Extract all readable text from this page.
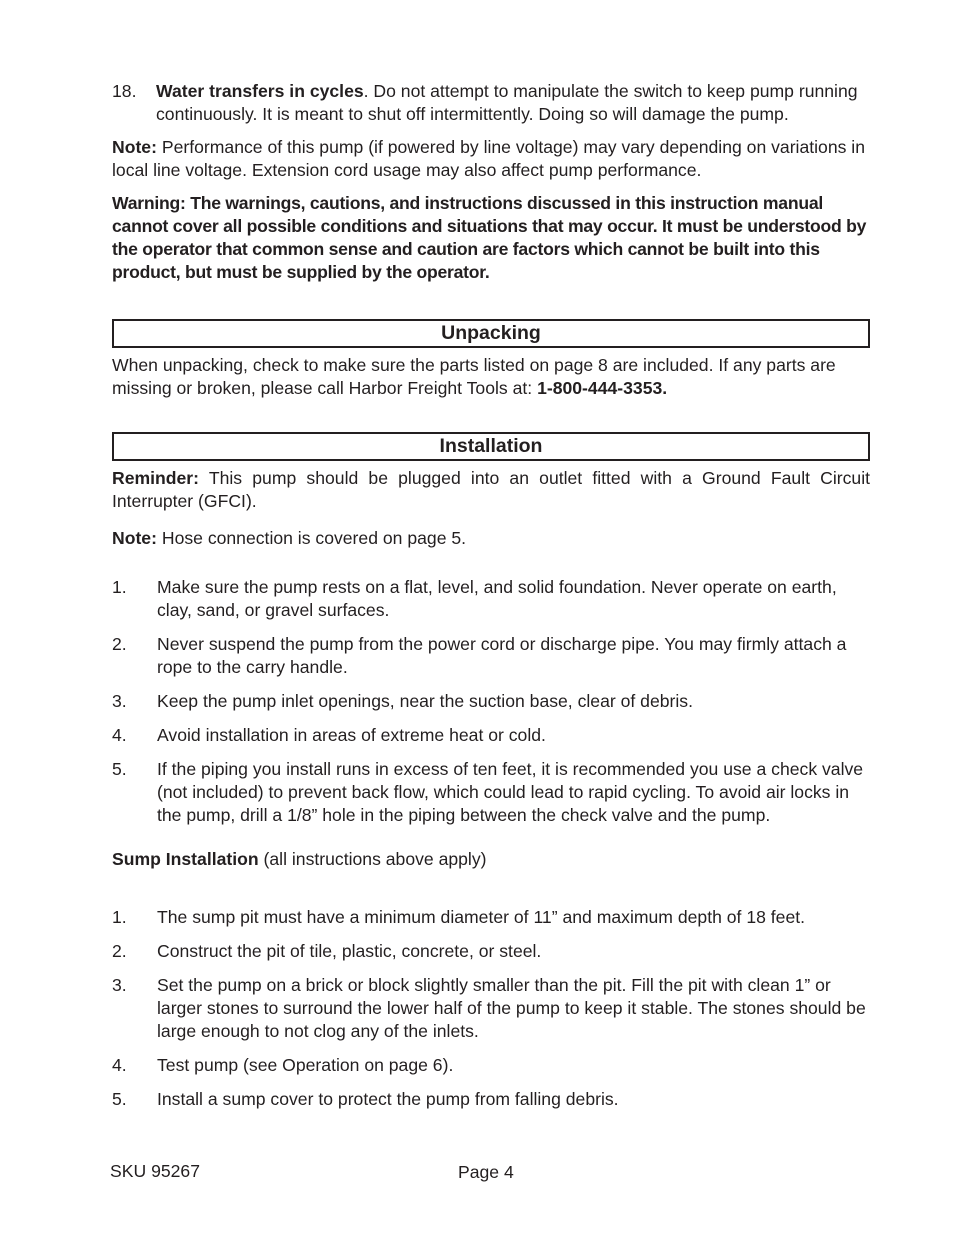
18. Water transfers in cycles. Do not attempt to manipulate the switch to keep pump running continuously. It is meant to shut off intermittently. Doing so will damage the pump.

Note: Performance of this pump (if powered by line voltage) may vary depending on variations in local line voltage. Extension cord usage may also affect pump performance.

Warning: The warnings, cautions, and instructions discussed in this instruction manual cannot cover all possible conditions and situations that may occur. It must be understood by the operator that common sense and caution are factors which cannot be built into this product, but must be supplied by the operator.

Unpacking

When unpacking, check to make sure the parts listed on page 8 are included. If any parts are missing or broken, please call Harbor Freight Tools at: 1-800-444-3353.

Installation

Reminder: This pump should be plugged into an outlet fitted with a Ground Fault Circuit Interrupter (GFCI).

Note: Hose connection is covered on page 5.

1. Make sure the pump rests on a flat, level, and solid foundation. Never operate on earth, clay, sand, or gravel surfaces.
2. Never suspend the pump from the power cord or discharge pipe. You may firmly attach a rope to the carry handle.
3. Keep the pump inlet openings, near the suction base, clear of debris.
4. Avoid installation in areas of extreme heat or cold.
5. If the piping you install runs in excess of ten feet, it is recommended you use a check valve (not included) to prevent back flow, which could lead to rapid cycling. To avoid air locks in the pump, drill a 1/8” hole in the piping between the check valve and the pump.

Sump Installation (all instructions above apply)

1. The sump pit must have a minimum diameter of 11” and maximum depth of 18 feet.
2. Construct the pit of tile, plastic, concrete, or steel.
3. Set the pump on a brick or block slightly smaller than the pit. Fill the pit with clean 1” or larger stones to surround the lower half of the pump to keep it stable. The stones should be large enough to not clog any of the inlets.
4. Test pump (see Operation on page 6).
5. Install a sump cover to protect the pump from falling debris.
SKU 95267	Page 4
